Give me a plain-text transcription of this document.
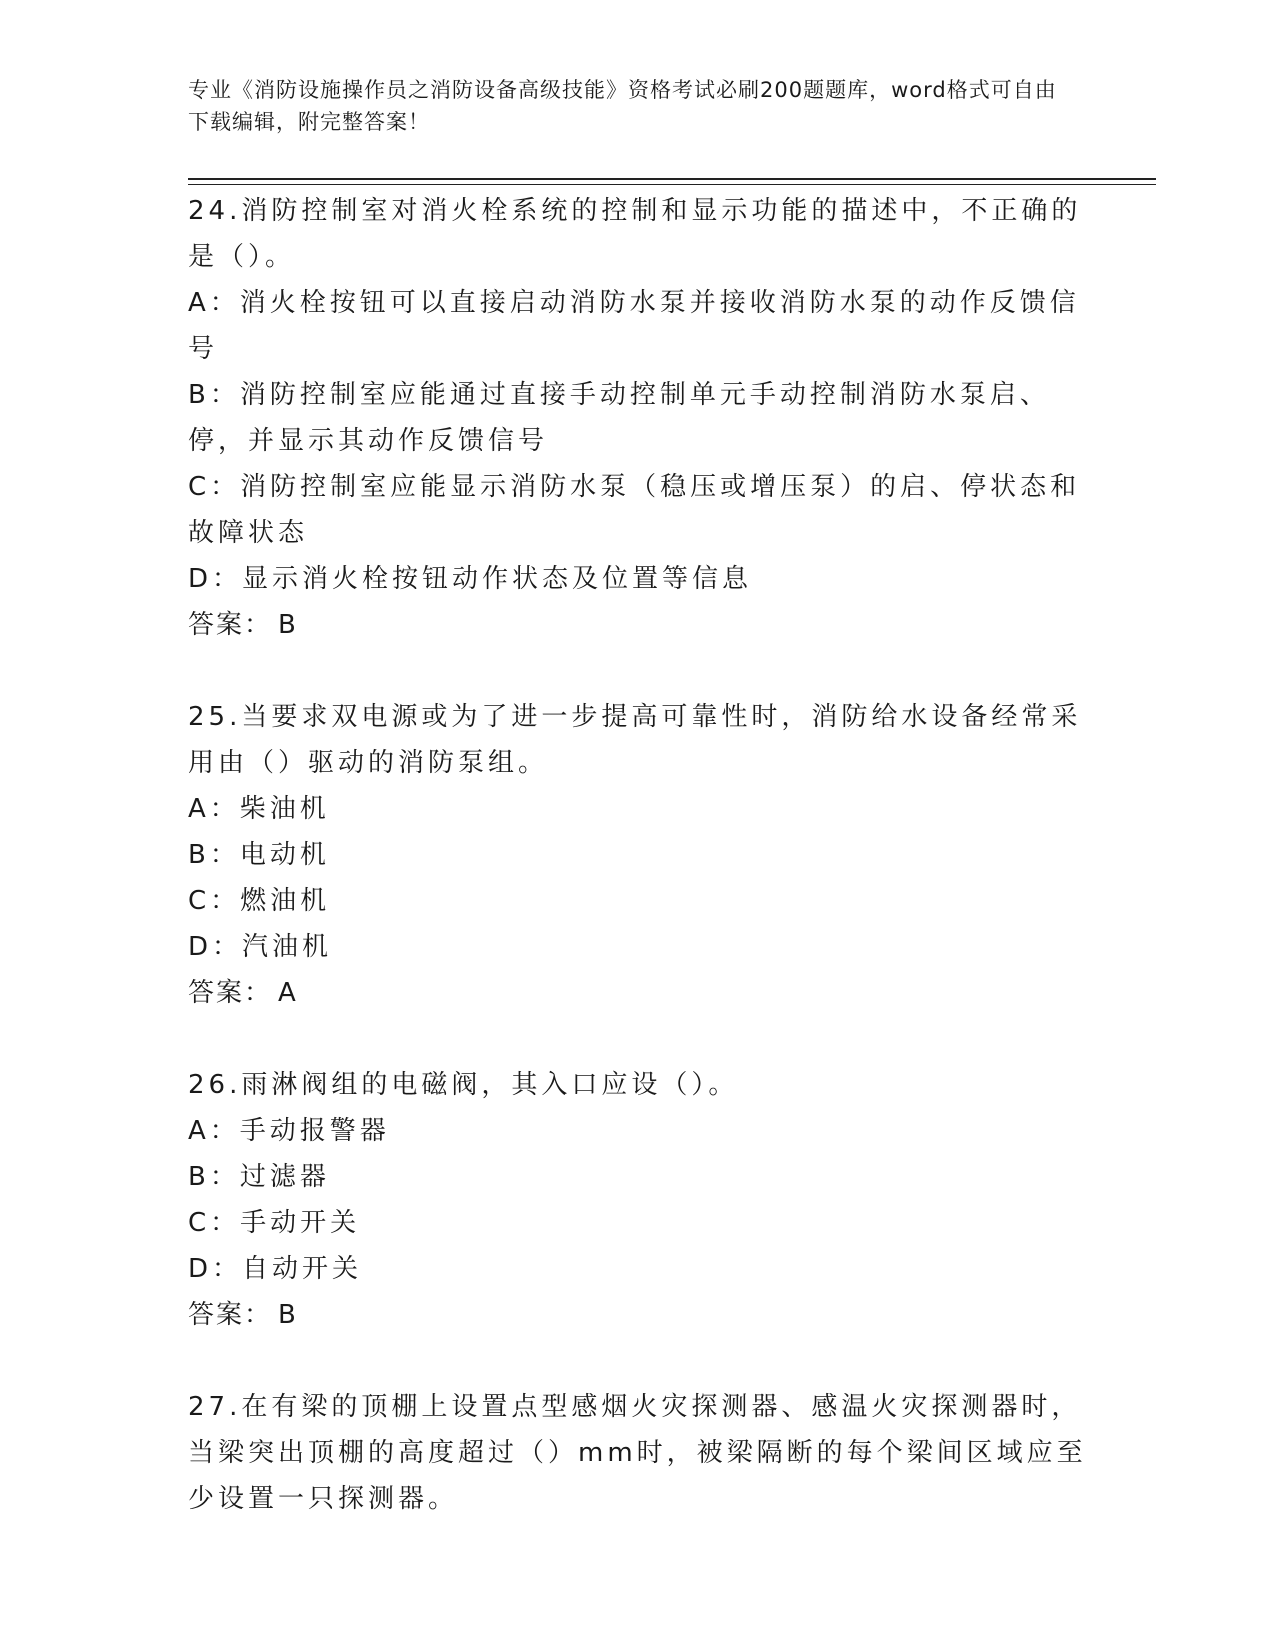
专业《消防设施操作员之消防设备高级技能》资格考试必刷200题题库，word格式可自由下载编辑，附完整答案！
24.消防控制室对消火栓系统的控制和显示功能的描述中，不正确的是（）。
A：消火栓按钮可以直接启动消防水泵并接收消防水泵的动作反馈信号
B：消防控制室应能通过直接手动控制单元手动控制消防水泵启、停，并显示其动作反馈信号
C：消防控制室应能显示消防水泵（稳压或增压泵）的启、停状态和故障状态
D：显示消火栓按钮动作状态及位置等信息
答案： B
25.当要求双电源或为了进一步提高可靠性时，消防给水设备经常采用由（）驱动的消防泵组。
A：柴油机
B：电动机
C：燃油机
D：汽油机
答案： A
26.雨淋阀组的电磁阀，其入口应设（）。
A：手动报警器
B：过滤器
C：手动开关
D：自动开关
答案： B
27.在有梁的顶棚上设置点型感烟火灾探测器、感温火灾探测器时，当梁突出顶棚的高度超过（）mm时，被梁隔断的每个梁间区域应至少设置一只探测器。
